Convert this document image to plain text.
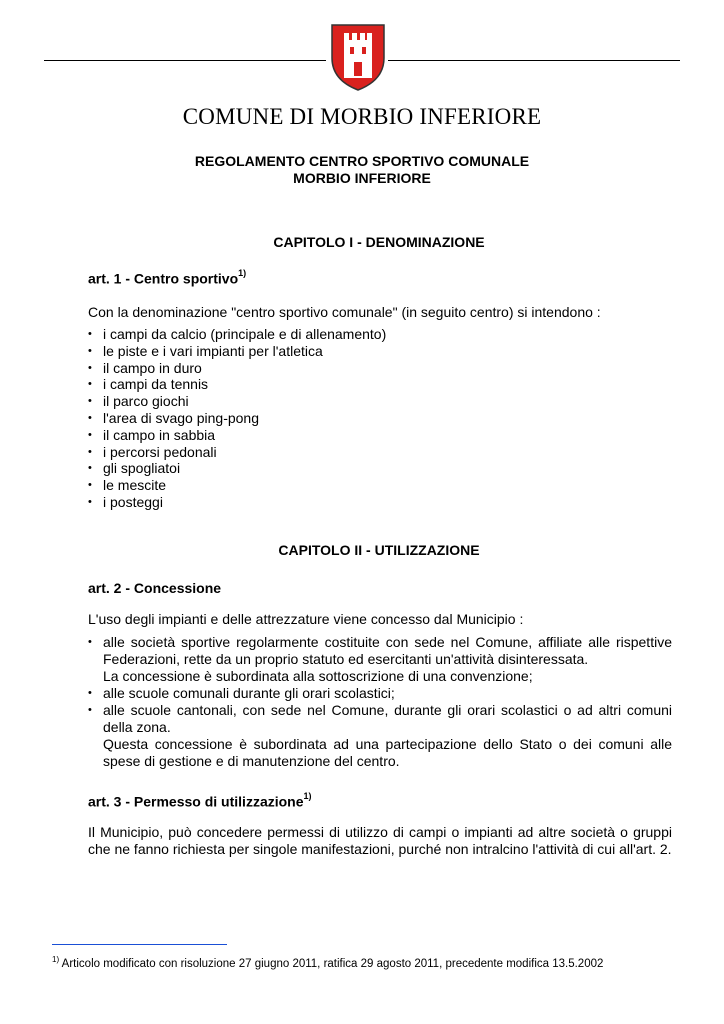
COMUNE DI MORBIO INFERIORE
REGOLAMENTO CENTRO SPORTIVO COMUNALE
MORBIO INFERIORE
CAPITOLO I - DENOMINAZIONE
art. 1 - Centro sportivo$^{1)}$
Con la denominazione "centro sportivo comunale" (in seguito centro) si intendono :
• i campi da calcio (principale e di allenamento)
• le piste e i vari impianti per l'atletica
• il campo in duro
• i campi da tennis
• il parco giochi
• l'area di svago ping-pong
• il campo in sabbia
• i percorsi pedonali
• gli spogliatoi
• le mescite
• i posteggi
CAPITOLO II - UTILIZZAZIONE
art. 2 - Concessione
L'uso degli impianti e delle attrezzature viene concesso dal Municipio :
• alle società sportive regolarmente costituite con sede nel Comune, affiliate alle rispettive Federazioni, rette da un proprio statuto ed esercitanti un'attività disinteressata.
La concessione è subordinata alla sottoscrizione di una convenzione;
• alle scuole comunali durante gli orari scolastici;
• alle scuole cantonali, con sede nel Comune, durante gli orari scolastici o ad altri comuni della zona.
Questa concessione è subordinata ad una partecipazione dello Stato o dei comuni alle spese di gestione e di manutenzione del centro.
art. 3 - Permesso di utilizzazione$^{1)}$
Il Municipio, può concedere permessi di utilizzo di campi o impianti ad altre società o gruppi che ne fanno richiesta per singole manifestazioni, purché non intralcino l'attività di cui all'art. 2.
$^{1)}$ Articolo modificato con risoluzione 27 giugno 2011, ratifica 29 agosto 2011, precedente modifica 13.5.2002
